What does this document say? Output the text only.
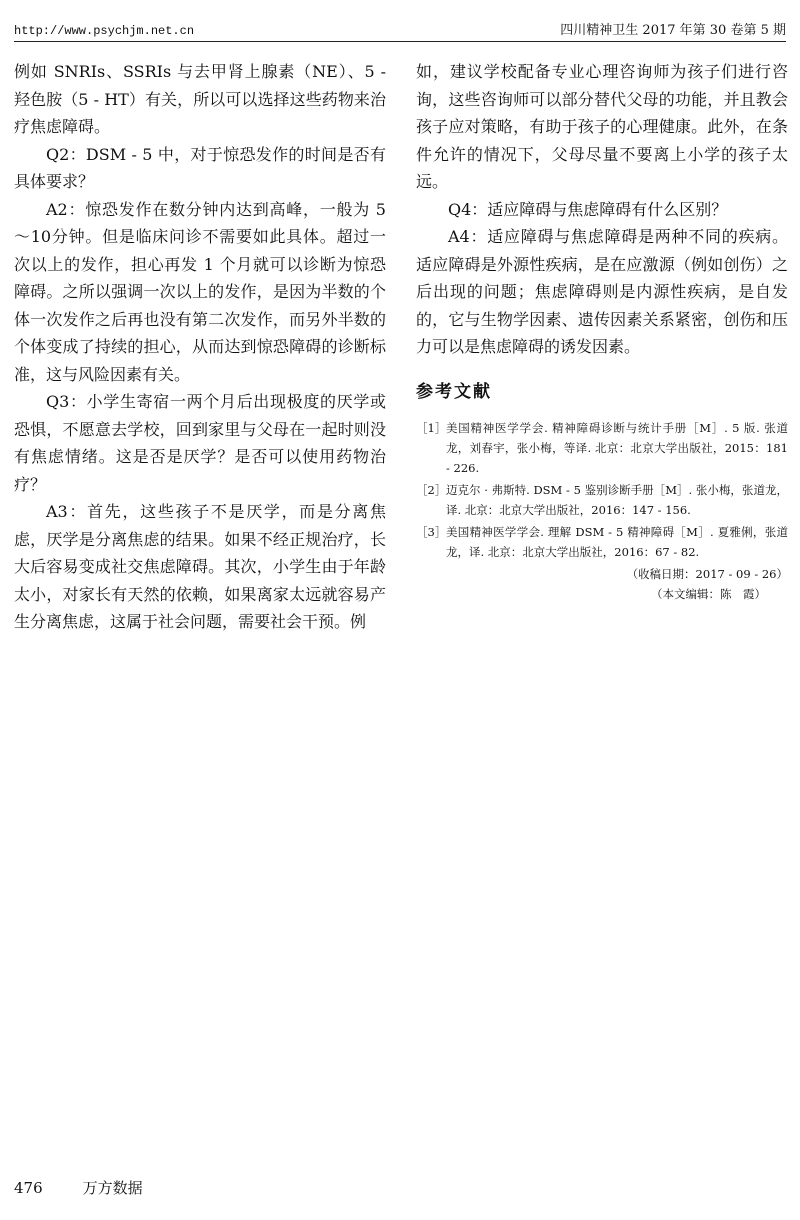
http://www.psychjm.net.cn	四川精神卫生 2017 年第 30 卷第 5 期

例如 SNRIs、SSRIs 与去甲肾上腺素（NE）、5 - 羟色胺（5 - HT）有关，所以可以选择这些药物来治疗焦虑障碍。

Q2：DSM - 5 中，对于惊恐发作的时间是否有具体要求？

A2：惊恐发作在数分钟内达到高峰，一般为 5～10分钟。但是临床问诊不需要如此具体。超过一次以上的发作，担心再发 1 个月就可以诊断为惊恐障碍。之所以强调一次以上的发作，是因为半数的个体一次发作之后再也没有第二次发作，而另外半数的个体变成了持续的担心，从而达到惊恐障碍的诊断标准，这与风险因素有关。

Q3：小学生寄宿一两个月后出现极度的厌学或恐惧，不愿意去学校，回到家里与父母在一起时则没有焦虑情绪。这是否是厌学？是否可以使用药物治疗？

A3：首先，这些孩子不是厌学，而是分离焦虑，厌学是分离焦虑的结果。如果不经正规治疗，长大后容易变成社交焦虑障碍。其次，小学生由于年龄太小，对家长有天然的依赖，如果离家太远就容易产生分离焦虑，这属于社会问题，需要社会干预。例

如，建议学校配备专业心理咨询师为孩子们进行咨询，这些咨询师可以部分替代父母的功能，并且教会孩子应对策略，有助于孩子的心理健康。此外，在条件允许的情况下，父母尽量不要离上小学的孩子太远。

Q4：适应障碍与焦虑障碍有什么区别？

A4：适应障碍与焦虑障碍是两种不同的疾病。适应障碍是外源性疾病，是在应激源（例如创伤）之后出现的问题；焦虑障碍则是内源性疾病，是自发的，它与生物学因素、遗传因素关系紧密，创伤和压力可以是焦虑障碍的诱发因素。

参考文献
［1］ 美国精神医学学会. 精神障碍诊断与统计手册［M］. 5 版. 张道龙，刘春宇，张小梅，等译. 北京：北京大学出版社，2015：181 - 226.
［2］ 迈克尔 · 弗斯特. DSM - 5 鉴别诊断手册［M］. 张小梅，张道龙，译. 北京：北京大学出版社，2016：147 - 156.
［3］ 美国精神医学学会. 理解 DSM - 5 精神障碍［M］. 夏雅俐，张道龙，译. 北京：北京大学出版社，2016：67 - 82.
（收稿日期：2017 - 09 - 26）
（本文编辑：陈　霞）
476	万方数据
